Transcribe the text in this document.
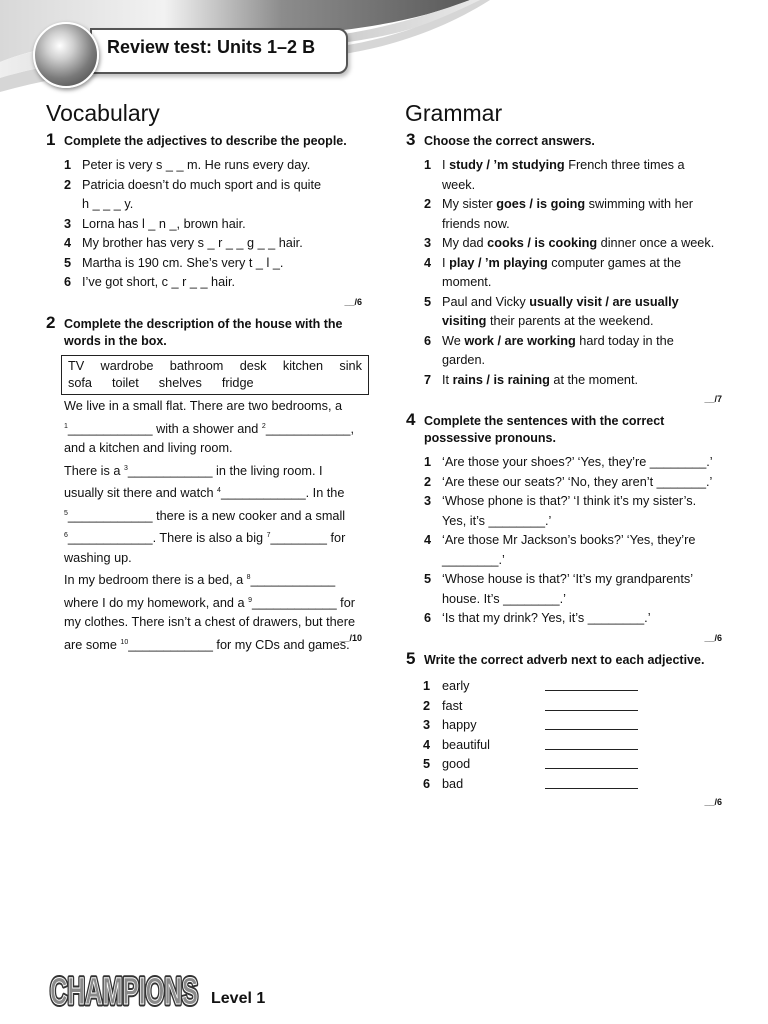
Review test: Units 1–2 B
Vocabulary
1 Complete the adjectives to describe the people.
1 Peter is very s _ _ m. He runs every day.
2 Patricia doesn’t do much sport and is quite
h _ _ _ y.
3 Lorna has l _ n _, brown hair.
4 My brother has very s _ r _ _ g _ _ hair.
5 Martha is 190 cm. She’s very t _ l _.
6 I’ve got short, c _ r _ _ hair.
__/6
2 Complete the description of the house with the
words in the box.
TV wardrobe bathroom desk kitchen sink
sofa toilet shelves fridge
We live in a small flat. There are two bedrooms, a
$^1$____________ with a shower and $^2$____________,
and a kitchen and living room.
There is a $^3$____________ in the living room. I
usually sit there and watch $^4$____________. In the
$^5$____________ there is a new cooker and a small
$^6$____________. There is also a big $^7$________ for
washing up.
In my bedroom there is a bed, a $^8$____________
where I do my homework, and a $^9$____________ for
my clothes. There isn’t a chest of drawers, but there
are some $^{10}$____________ for my CDs and games.
__/10
Grammar
3 Choose the correct answers.
1 I study / ’m studying French three times a
week.
2 My sister goes / is going swimming with her
friends now.
3 My dad cooks / is cooking dinner once a week.
4 I play / ’m playing computer games at the
moment.
5 Paul and Vicky usually visit / are usually
visiting their parents at the weekend.
6 We work / are working hard today in the
garden.
7 It rains / is raining at the moment.
__/7
4 Complete the sentences with the correct
possessive pronouns.
1 ‘Are those your shoes?’ ‘Yes, they’re ________.’
2 ‘Are these our seats?’ ‘No, they aren’t _______.’
3 ‘Whose phone is that?’ ‘I think it’s my sister’s.
Yes, it’s ________.’
4 ‘Are those Mr Jackson’s books?’ ‘Yes, they’re
________.’
5 ‘Whose house is that?’ ‘It’s my grandparents’
house. It’s ________.’
6 ‘Is that my drink? Yes, it’s ________.’
__/6
5 Write the correct adverb next to each adjective.
1 early
2 fast
3 happy
4 beautiful
5 good
6 bad
__/6
CHAMPIONS
CHAMPIONS Level 1
